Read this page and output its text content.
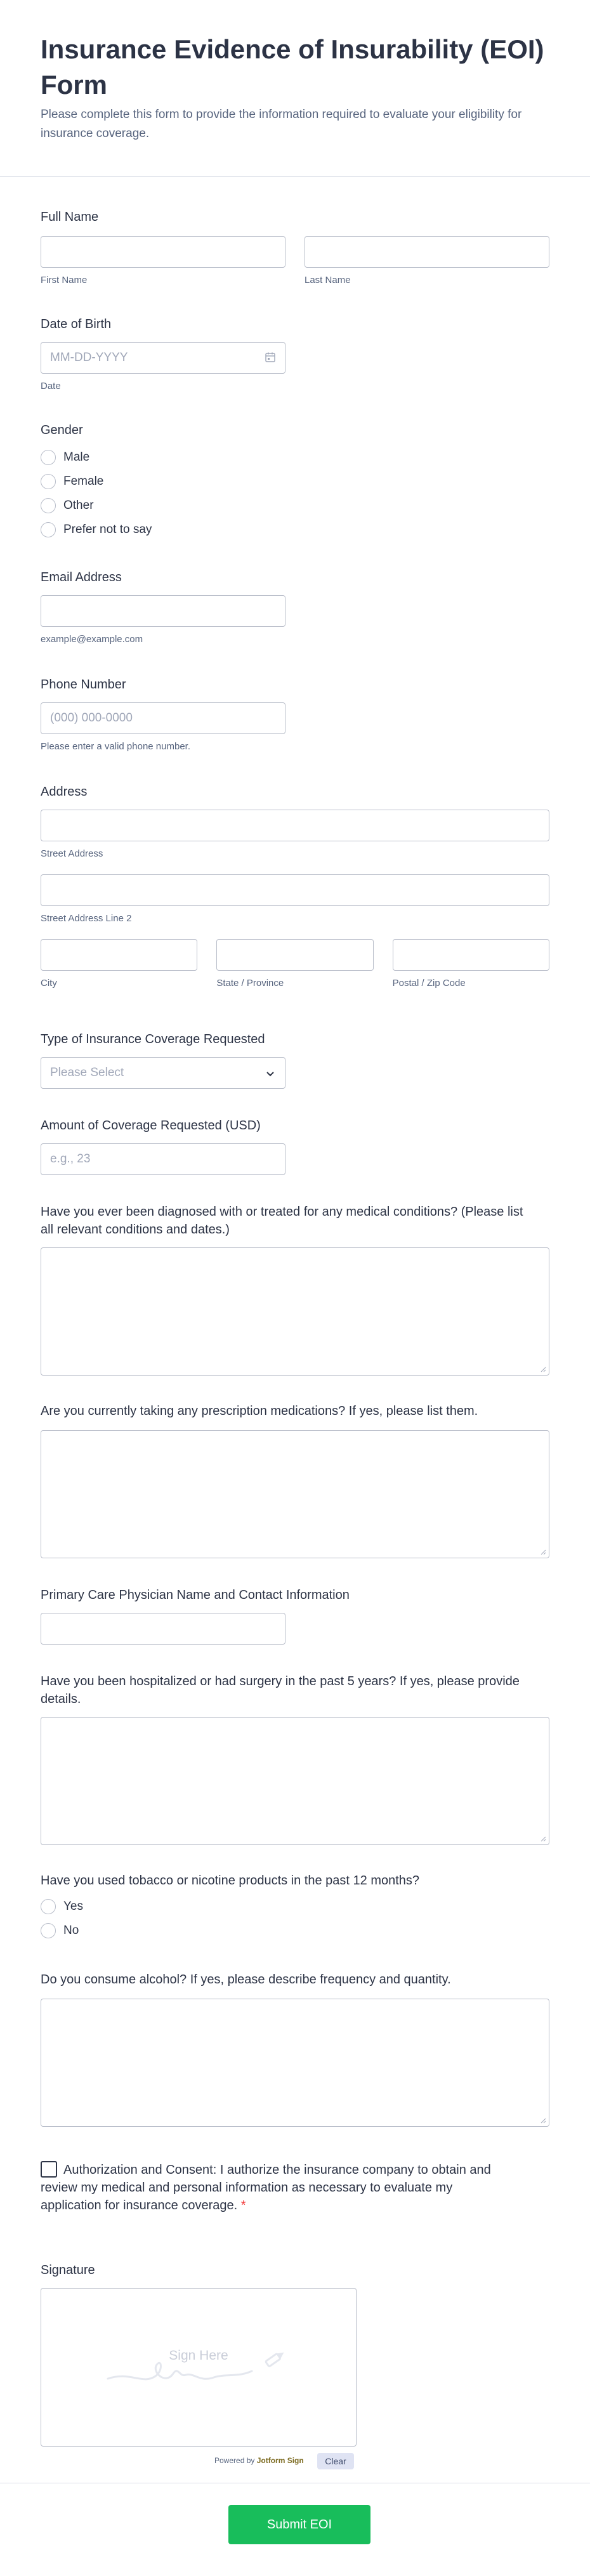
Insurance Evidence of Insurability (EOI) Form

Please complete this form to provide the information required to evaluate your eligibility for insurance coverage.

Full Name
First Name	Last Name
Date of Birth
MM-DD-YYYY
Date
Gender
Male
Female
Other
Prefer not to say
Email Address
example@example.com
Phone Number
(000) 000-0000
Please enter a valid phone number.
Address
Street Address
Street Address Line 2
City	State / Province	Postal / Zip Code
Type of Insurance Coverage Requested
Please Select
Amount of Coverage Requested (USD)
e.g., 23
Have you ever been diagnosed with or treated for any medical conditions? (Please list all relevant conditions and dates.)
Are you currently taking any prescription medications? If yes, please list them.
Primary Care Physician Name and Contact Information
Have you been hospitalized or had surgery in the past 5 years? If yes, please provide details.
Have you used tobacco or nicotine products in the past 12 months?
Yes
No
Do you consume alcohol? If yes, please describe frequency and quantity.
Authorization and Consent: I authorize the insurance company to obtain and review my medical and personal information as necessary to evaluate my application for insurance coverage. *
Signature
Sign Here
Powered by Jotform Sign	Clear
Submit EOI
